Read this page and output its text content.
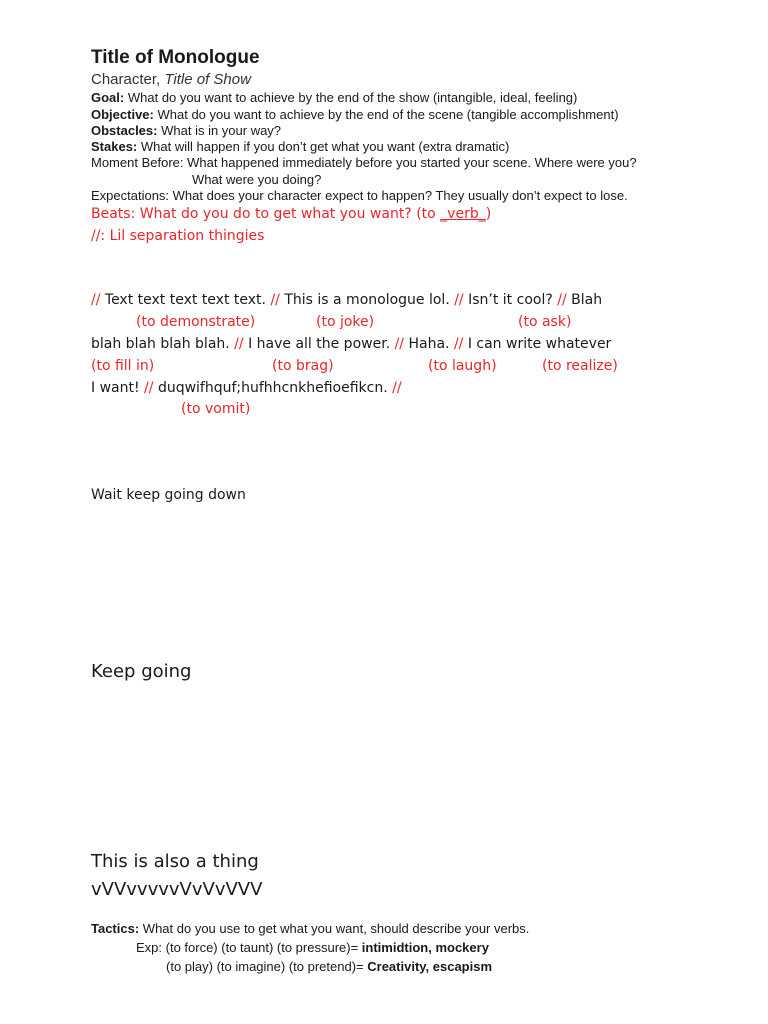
Title of Monologue
Character, Title of Show
Goal: What do you want to achieve by the end of the show (intangible, ideal, feeling)
Objective: What do you want to achieve by the end of the scene (tangible accomplishment)
Obstacles: What is in your way?
Stakes: What will happen if you don’t get what you want (extra dramatic)
Moment Before: What happened immediately before you started your scene. Where were you?
What were you doing?
Expectations: What does your character expect to happen? They usually don’t expect to lose.
Beats: What do you do to get what you want? (to _verb_)
//: Lil separation thingies
// Text text text text text. // This is a monologue lol. // Isn’t it cool? // Blah
(to demonstrate)	(to joke)	(to ask)
blah blah blah blah. // I have all the power. // Haha. // I can write whatever
(to fill in)	(to brag)	(to laugh)	(to realize)
I want! // duqwifhquf;hufhhcnkhefioefikcn. //
(to vomit)
Wait keep going down
Keep going
This is also a thing
vVVvvvvvVvVvVVV
Tactics: What do you use to get what you want, should describe your verbs.
Exp: (to force) (to taunt) (to pressure)= intimidtion, mockery
(to play) (to imagine) (to pretend)= Creativity, escapism
